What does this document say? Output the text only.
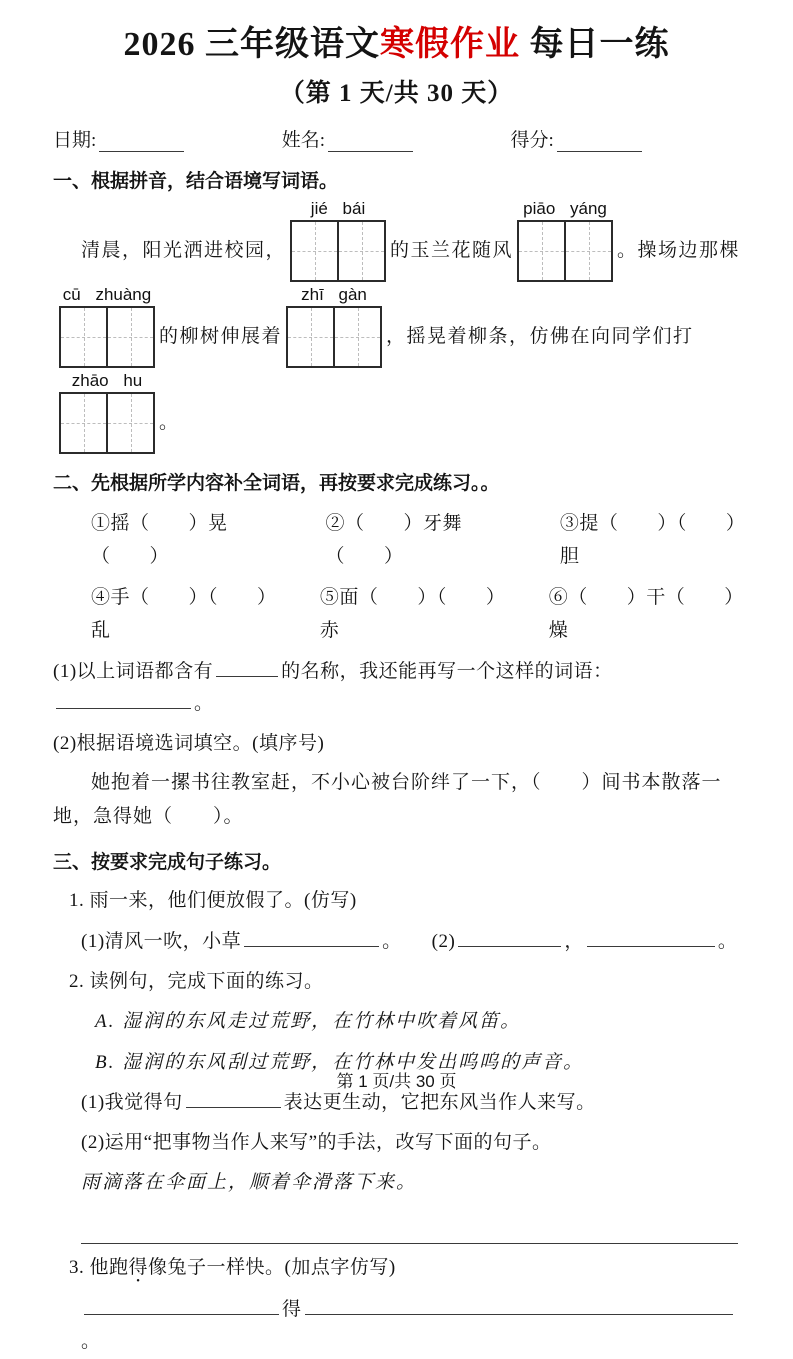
2026 三年级语文寒假作业 每日一练
（第 1 天/共 30 天）
日期:	姓名:	得分:
一、根据拼音，结合语境写词语。
清晨，阳光洒进校园，
jié bái
的玉兰花随风
piāo yáng
。操场边那棵
cū zhuàng
的柳树伸展着
zhī gàn
，摇晃着柳条，仿佛在向同学们打
zhāo hu
。
二、先根据所学内容补全词语，再按要求完成练习。。
①摇（　　）晃（　　）
②（　　）牙舞（　　）
③提（　　）（　　）胆
④手（　　）（　　）乱
⑤面（　　）（　　）赤
⑥（　　）干（　　）燥
(1)以上词语都含有	的名称，我还能再写一个这样的词语：。
(2)根据语境选词填空。(填序号)

她抱着一摞书往教室赶，不小心被台阶绊了一下，（　　）间书本散落一地，急得她（　　）。

三、按要求完成句子练习。
1. 雨一来，他们便放假了。(仿写)
(1)清风一吹，小草	。 (2)	，	。
2. 读例句，完成下面的练习。
A. 湿润的东风走过荒野，在竹林中吹着风笛。
B. 湿润的东风刮过荒野，在竹林中发出呜呜的声音。
(1)我觉得句	表达更生动，它把东风当作人来写。
(2)运用“把事物当作人来写”的手法，改写下面的句子。
雨滴落在伞面上，顺着伞滑落下来。
3. 他跑得像兔子一样快。(加点字仿写)
得。
第 1 页/共 30 页
